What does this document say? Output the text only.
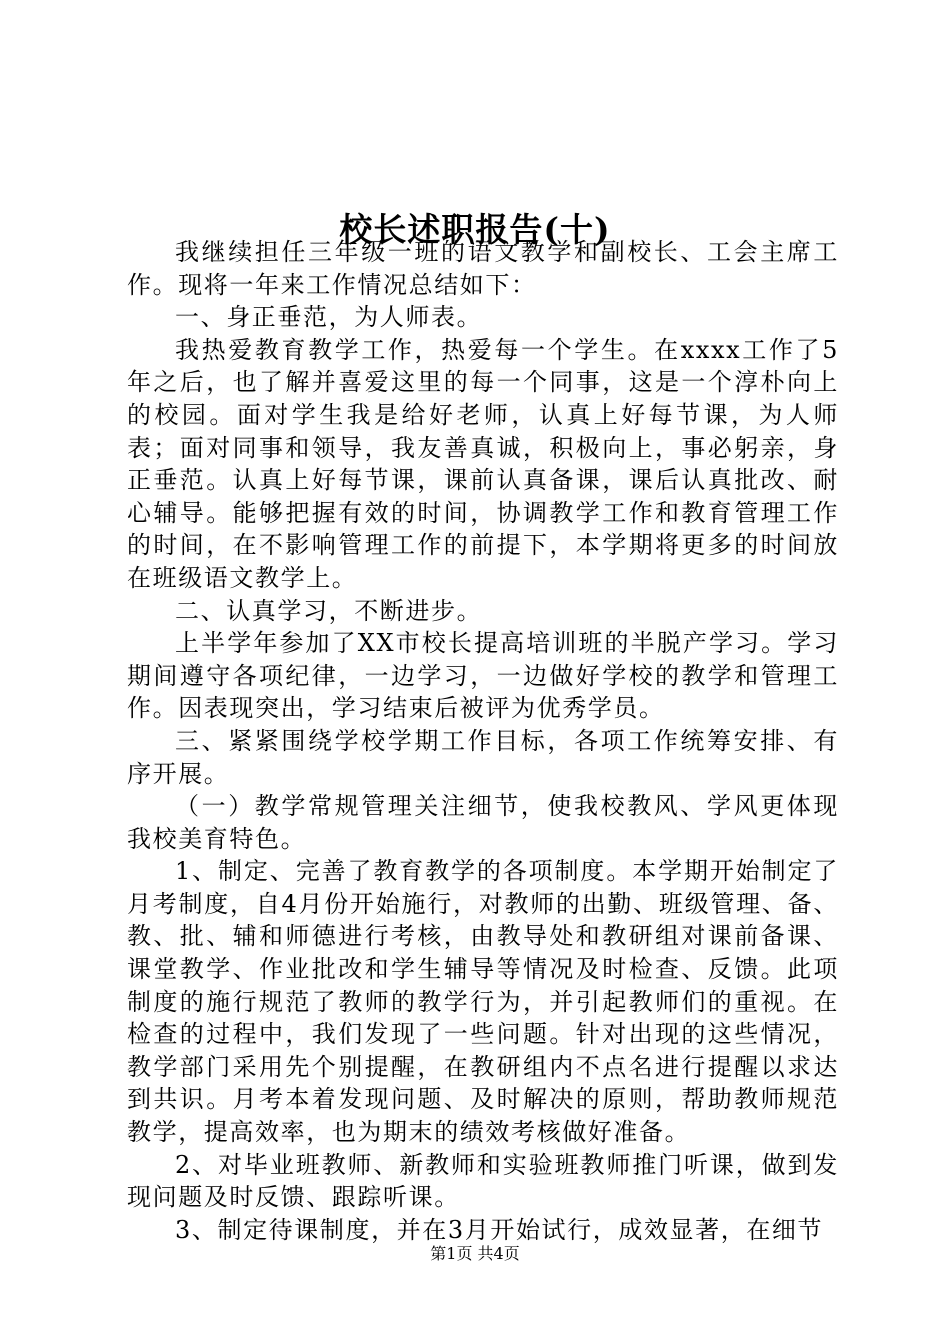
校长述职报告(十)

我继续担任三年级一班的语文教学和副校长、工会主席工作。现将一年来工作情况总结如下：

一、身正垂范，为人师表。

我热爱教育教学工作，热爱每一个学生。在xxxx工作了5年之后，也了解并喜爱这里的每一个同事，这是一个淳朴向上的校园。面对学生我是给好老师，认真上好每节课，为人师表；面对同事和领导，我友善真诚，积极向上，事必躬亲，身正垂范。认真上好每节课，课前认真备课，课后认真批改、耐心辅导。能够把握有效的时间，协调教学工作和教育管理工作的时间，在不影响管理工作的前提下，本学期将更多的时间放在班级语文教学上。

二、认真学习，不断进步。

上半学年参加了XX市校长提高培训班的半脱产学习。学习期间遵守各项纪律，一边学习，一边做好学校的教学和管理工作。因表现突出，学习结束后被评为优秀学员。

三、紧紧围绕学校学期工作目标，各项工作统筹安排、有序开展。

（一）教学常规管理关注细节，使我校教风、学风更体现我校美育特色。

1、制定、完善了教育教学的各项制度。本学期开始制定了月考制度，自4月份开始施行，对教师的出勤、班级管理、备、教、批、辅和师德进行考核，由教导处和教研组对课前备课、课堂教学、作业批改和学生辅导等情况及时检查、反馈。此项制度的施行规范了教师的教学行为，并引起教师们的重视。在检查的过程中，我们发现了一些问题。针对出现的这些情况，教学部门采用先个别提醒，在教研组内不点名进行提醒以求达到共识。月考本着发现问题、及时解决的原则，帮助教师规范教学，提高效率，也为期末的绩效考核做好准备。

2、对毕业班教师、新教师和实验班教师推门听课，做到发现问题及时反馈、跟踪听课。

3、制定待课制度，并在3月开始试行，成效显著，在细节

第1页 共4页
